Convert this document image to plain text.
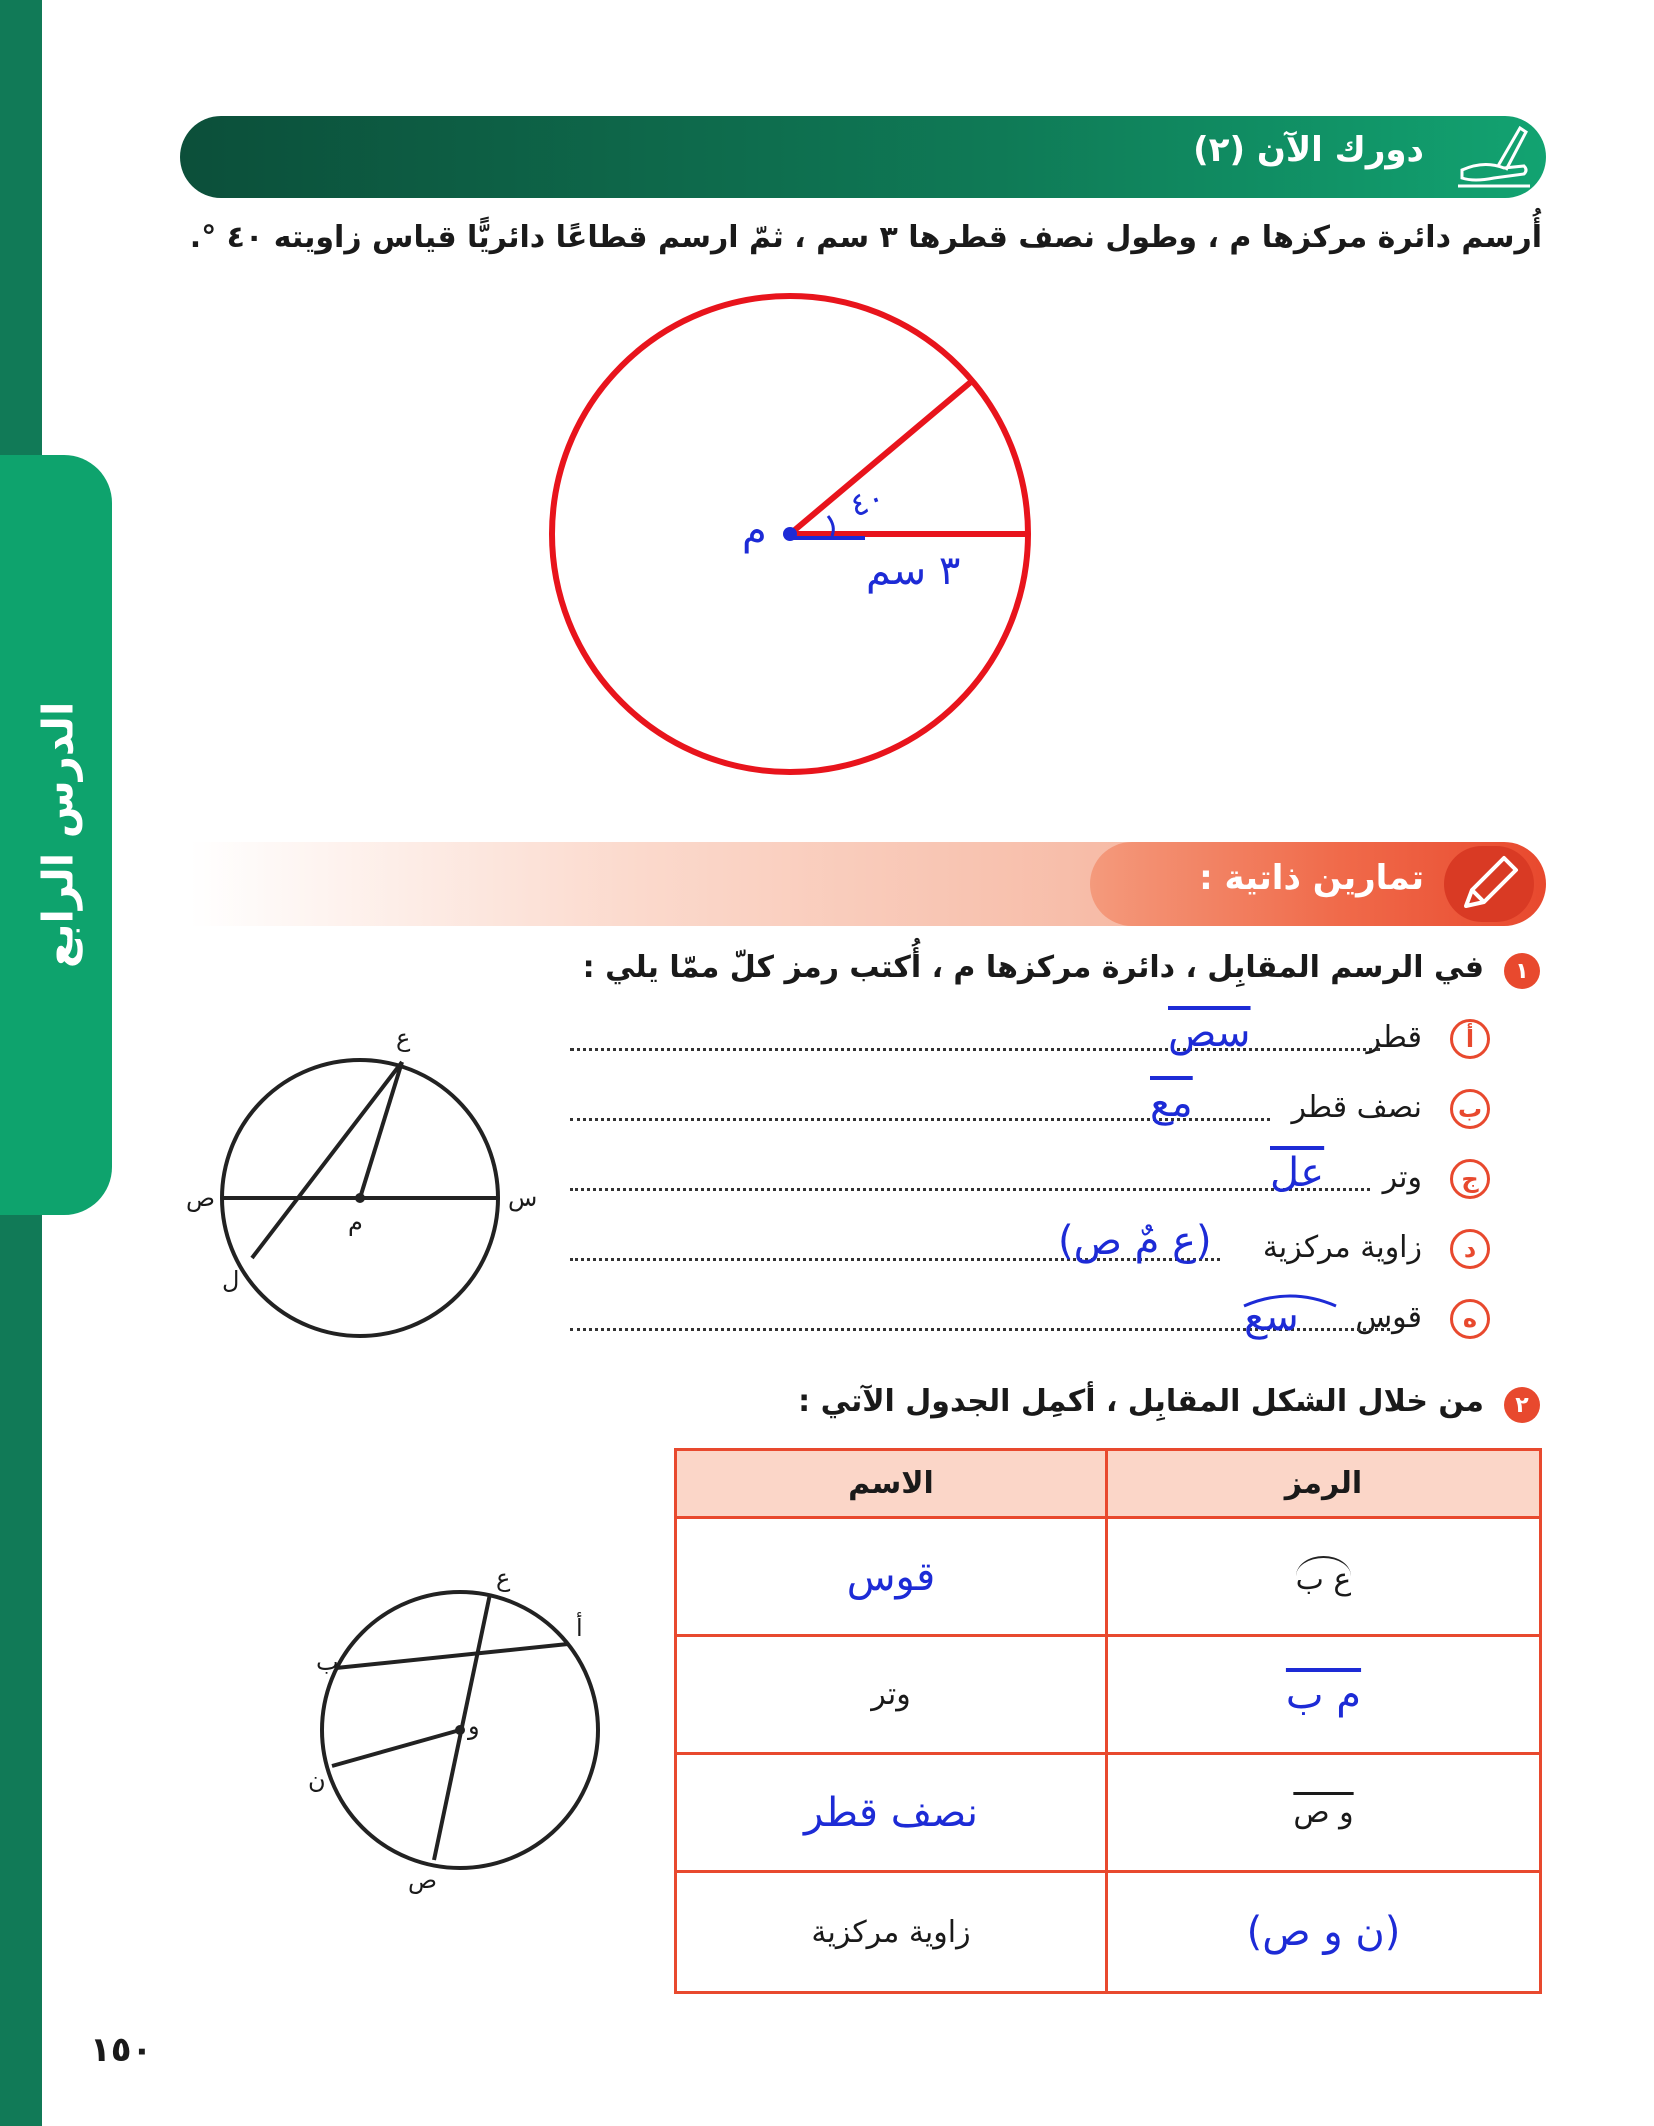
الدرس الرابع
دورك الآن (٢)
أُرسم دائرة مركزها م ، وطول نصف قطرها ٣ سم ، ثمّ ارسم قطاعًا دائريًّا قياس زاويته ٤٠ °.
م
٤٠
٣ سم
تمارين ذاتية :
١
في الرسم المقابِل ، دائرة مركزها م ، أُكتب رمز كلّ ممّا يلي :
أ
قطر
سص
ب
نصف قطر
مع
ج
وتر
عل
د
زاوية مركزية
(ع مٌ ص)
ه
قوس
سع
ع
س
ص
م
ل
٢
من خلال الشكل المقابِل ، أكمِل الجدول الآتي :
ع
أ
ب
و
ن
ص
الاسم	الرمز
قوس	ع ب
وتر	م ب
نصف قطر	و ص
زاوية مركزية	(ن و ص)
١٥٠
